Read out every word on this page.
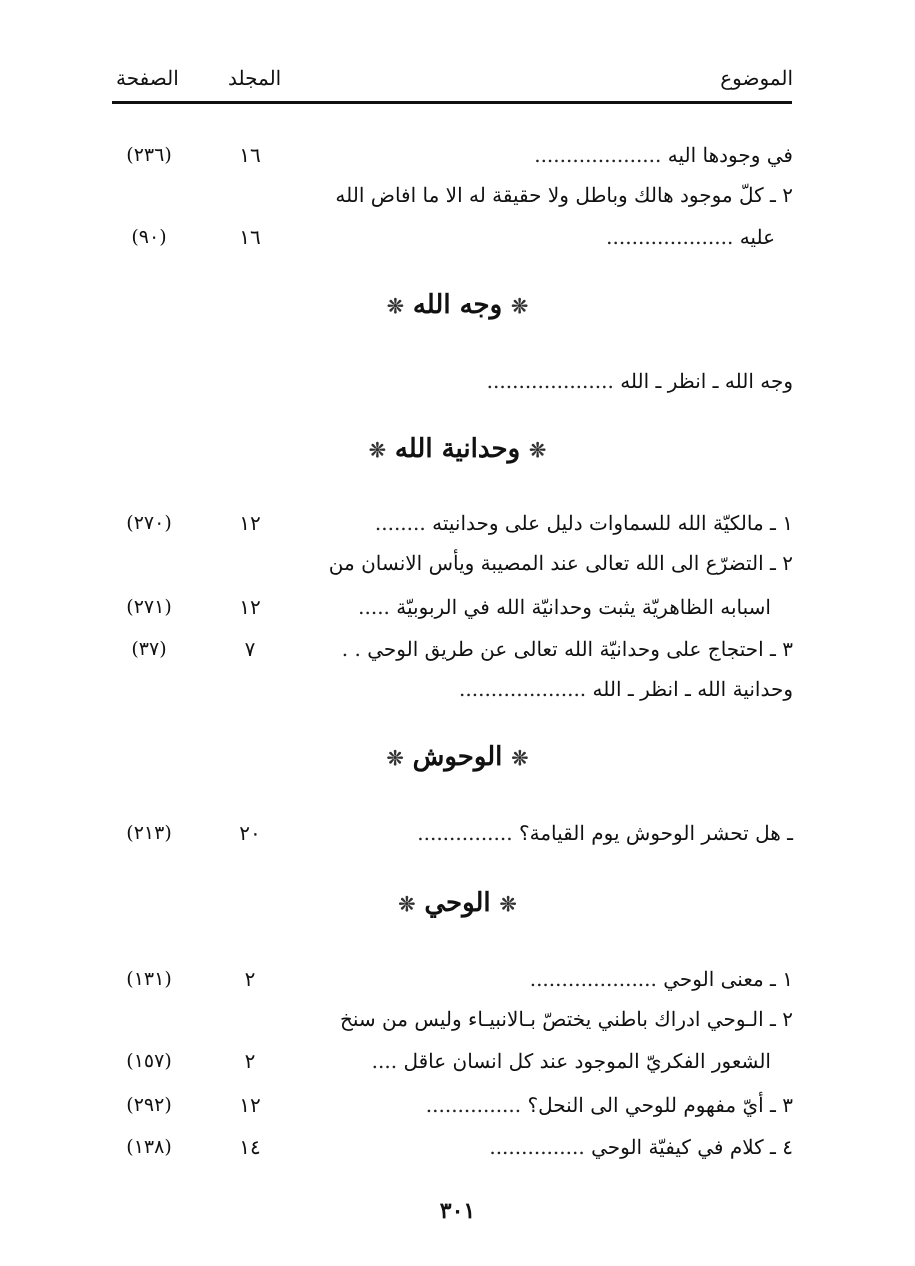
الموضوع
المجلد
الصفحة
في وجودها اليه ....................
١٦
(٢٣٦)
٢ ـ كلّ موجود هالك وباطل ولا حقيقة له الا ما افاض الله
عليه ....................
١٦
(٩٠)
❊ وجه الله ❊
وجه الله ـ انظر ـ الله ....................
❊ وحدانية الله ❊
١ ـ مالكيّة الله للسماوات دليل على وحدانيته ........
١٢
(٢٧٠)
٢ ـ التضرّع الى الله تعالى عند المصيبة ويأس الانسان من
اسبابه الظاهريّة يثبت وحدانيّة الله في الربوبيّة .....
١٢
(٢٧١)
٣ ـ احتجاج على وحدانيّة الله تعالى عن طريق الوحي . .
٧
(٣٧)
وحدانية الله ـ انظر ـ الله ....................
❊ الوحوش ❊
ـ هل تحشر الوحوش يوم القيامة؟ ...............
٢٠
(٢١٣)
❊ الوحي ❊
١ ـ معنى الوحي ....................
٢
(١٣١)
٢ ـ الـوحي ادراك باطني يختصّ بـالانبيـاء وليس من سنخ
الشعور الفكريّ الموجود عند كل انسان عاقل ....
٢
(١٥٧)
٣ ـ أيّ مفهوم للوحي الى النحل؟ ...............
١٢
(٢٩٢)
٤ ـ كلام في كيفيّة الوحي ...............
١٤
(١٣٨)
٣٠١
